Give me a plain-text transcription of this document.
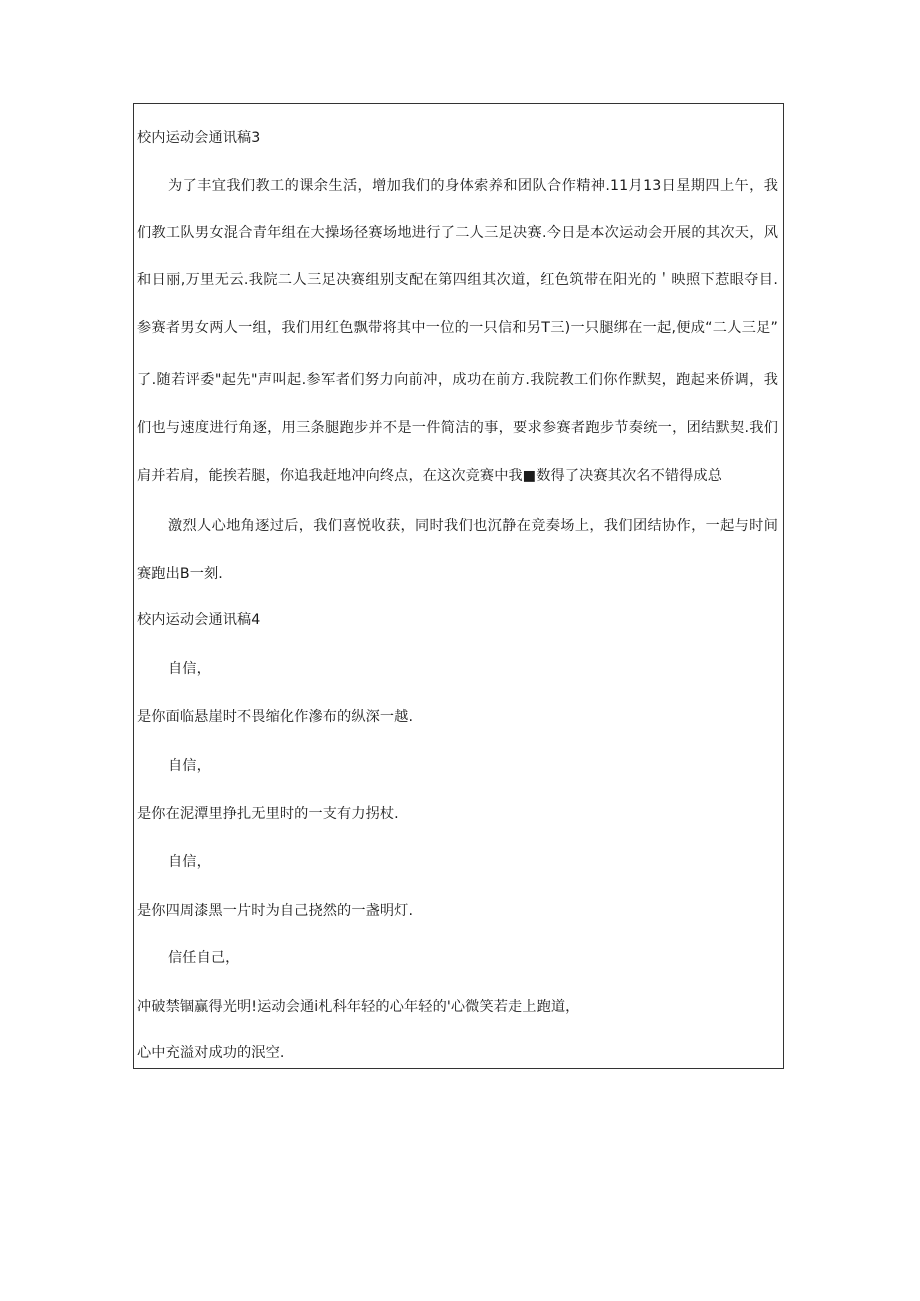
校内运动会通讯稿3
为了丰宜我们教工的课余生活，增加我们的身体索养和团队合作精神.11月13日星期四上午，我
们教工队男女混合青年组在大操场径赛场地进行了二人三足决赛.今日是本次运动会开展的其次天，风
和日丽,万里无云.我院二人三足决赛组别支配在第四组其次道，红色筑带在阳光的＇映照下惹眼夺目.
参赛者男女两人一组，我们用红色飘带将其中一位的一只信和另T三)一只腿绑在一起,便成“二人三足”
了.随若评委"起先"声叫起.参军者们努力向前冲，成功在前方.我院教工们你作默契，跑起来侨调，我
们也与速度进行角逐，用三条腿跑步并不是一件简洁的事，要求参赛者跑步节奏统一，团结默契.我们
肩并若肩，能挨若腿，你追我赶地冲向终点，在这次竞赛中我■数得了决赛其次名不错得成总
激烈人心地角逐过后，我们喜悦收获，同时我们也沉静在竞奏场上，我们团结协作，一起与时间
赛跑出B一刻.
校内运动会通讯稿4
自信，
是你面临悬崖时不畏缩化作滲布的纵深一越.
自信，
是你在泥潭里挣扎无里时的一支有力拐杖.
自信，
是你四周漆黑一片时为自己挠然的一盏明灯.
信任自己，
冲破禁锢赢得光明!运动会通i札科年轻的心年轻的'心微笑若走上跑道，
心中充溢对成功的泯空.
